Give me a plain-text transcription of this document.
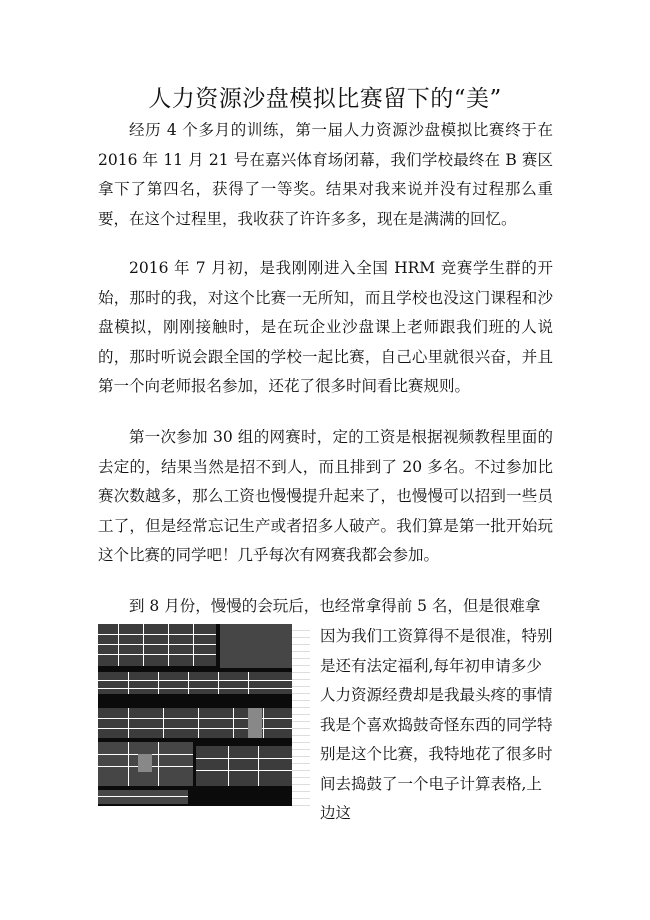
人力资源沙盘模拟比赛留下的“美”

经历 4 个多月的训练，第一届人力资源沙盘模拟比赛终于在 2016 年 11 月 21 号在嘉兴体育场闭幕，我们学校最终在 B 赛区拿下了第四名，获得了一等奖。结果对我来说并没有过程那么重要，在这个过程里，我收获了许许多多，现在是满满的回忆。

2016 年 7 月初，是我刚刚进入全国 HRM 竞赛学生群的开始，那时的我，对这个比赛一无所知，而且学校也没这门课程和沙盘模拟，刚刚接触时，是在玩企业沙盘课上老师跟我们班的人说的，那时听说会跟全国的学校一起比赛，自己心里就很兴奋，并且第一个向老师报名参加，还花了很多时间看比赛规则。

第一次参加 30 组的网赛时，定的工资是根据视频教程里面的去定的，结果当然是招不到人，而且排到了 20 多名。不过参加比赛次数越多，那么工资也慢慢提升起来了，也慢慢可以招到一些员工了，但是经常忘记生产或者招多人破产。我们算是第一批开始玩这个比赛的同学吧！几乎每次有网赛我都会参加。

到 8 月份，慢慢的会玩后，也经常拿得前 5 名，但是很难拿

因为我们工资算得不是很准，特别是还有法定福利,每年初申请多少人力资源经费却是我最头疼的事情我是个喜欢捣鼓奇怪东西的同学特别是这个比赛，我特地花了很多时间去捣鼓了一个电子计算表格,上边这
